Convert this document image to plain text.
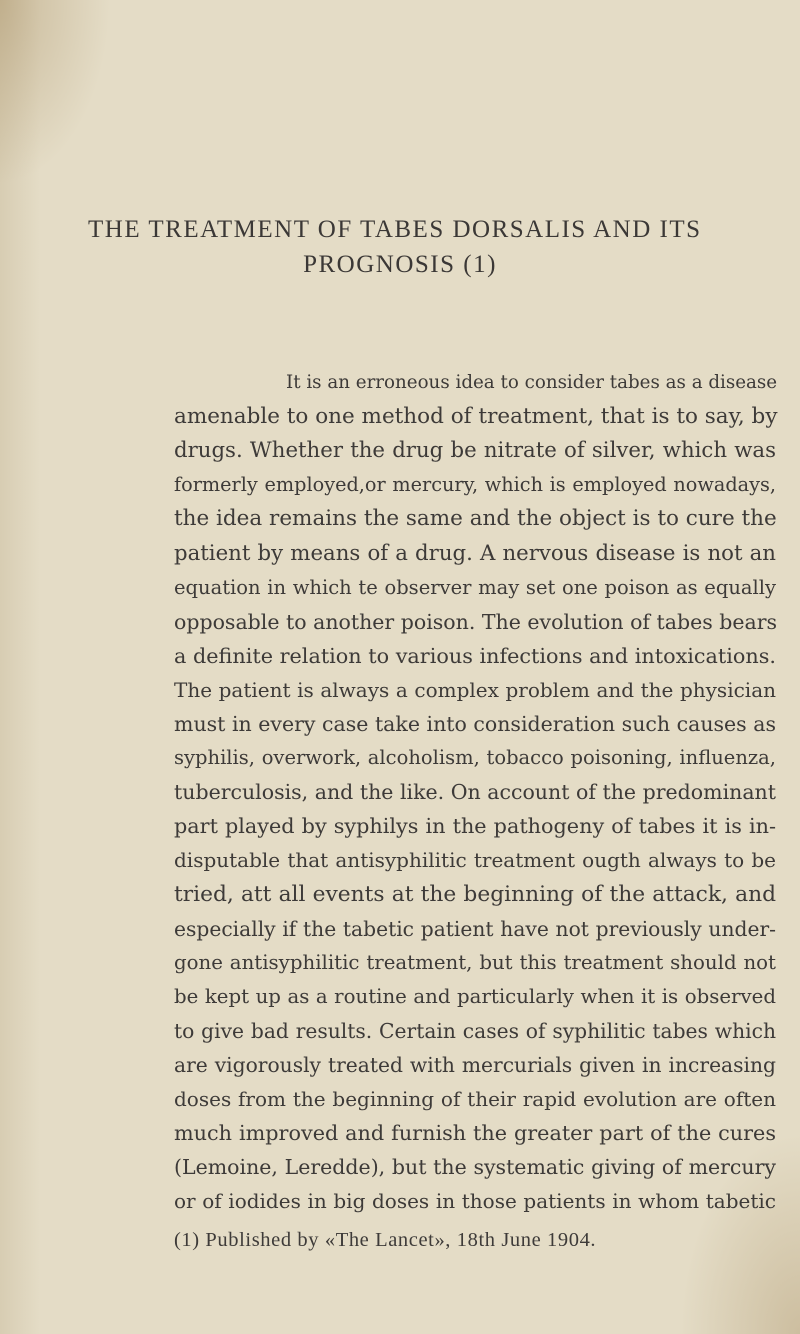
THE TREATMENT OF TABES DORSALIS AND ITS
PROGNOSIS (1)
It is an erroneous idea to consider tabes as a disease
amenable to one method of treatment, that is to say, by
drugs. Whether the drug be nitrate of silver, which was
formerly employed,or mercury, which is employed nowadays,
the idea remains the same and the object is to cure the
patient by means of a drug. A nervous disease is not an
equation in which te observer may set one poison as equally
opposable to another poison. The evolution of tabes bears
a definite relation to various infections and intoxications.
The patient is always a complex problem and the physician
must in every case take into consideration such causes as
syphilis, overwork, alcoholism, tobacco poisoning, influenza,
tuberculosis, and the like. On account of the predominant
part played by syphilys in the pathogeny of tabes it is in-
disputable that antisyphilitic treatment ougth always to be
tried, att all events at the beginning of the attack, and
especially if the tabetic patient have not previously under-
gone antisyphilitic treatment, but this treatment should not
be kept up as a routine and particularly when it is observed
to give bad results. Certain cases of syphilitic tabes which
are vigorously treated with mercurials given in increasing
doses from the beginning of their rapid evolution are often
much improved and furnish the greater part of the cures
(Lemoine, Leredde), but the systematic giving of mercury
or of iodides in big doses in those patients in whom tabetic
(1) Published by «The Lancet», 18th June 1904.
